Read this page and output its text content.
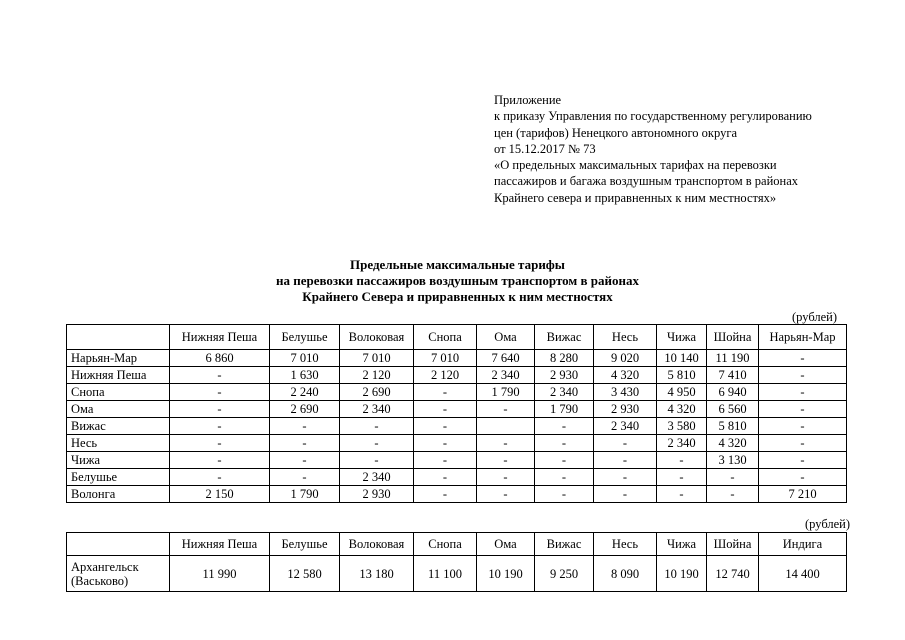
Приложение
к приказу Управления по государственному регулированию
цен (тарифов) Ненецкого автономного округа
от 15.12.2017 № 73
«О предельных максимальных тарифах на перевозки
пассажиров и багажа воздушным транспортом в районах
Крайнего севера и приравненных к ним местностях»
Предельные максимальные тарифы
на перевозки пассажиров воздушным транспортом в районах
Крайнего Севера и приравненных к ним местностях
(рублей)
	Нижняя Пеша	Белушье	Волоковая	Снопа	Ома	Вижас	Несь	Чижа	Шойна	Нарьян-Мар
Нарьян-Мар	6 860	7 010	7 010	7 010	7 640	8 280	9 020	10 140	11 190	-
Нижняя Пеша	-	1 630	2 120	2 120	2 340	2 930	4 320	5 810	7 410	-
Снопа	-	2 240	2 690	-	1 790	2 340	3 430	4 950	6 940	-
Ома	-	2 690	2 340	-	-	1 790	2 930	4 320	6 560	-
Вижас	-	-	-	-		-	2 340	3 580	5 810	-
Несь	-	-	-	-	-	-	-	2 340	4 320	-
Чижа	-	-	-	-	-	-	-	-	3 130	-
Белушье	-	-	2 340	-	-	-	-	-	-	-
Волонга	2 150	1 790	2 930	-	-	-	-	-	-	7 210
(рублей)
	Нижняя Пеша	Белушье	Волоковая	Снопа	Ома	Вижас	Несь	Чижа	Шойна	Индига

Архангельск
(Васьково)	11 990	12 580	13 180	11 100	10 190	9 250	8 090	10 190	12 740	14 400
